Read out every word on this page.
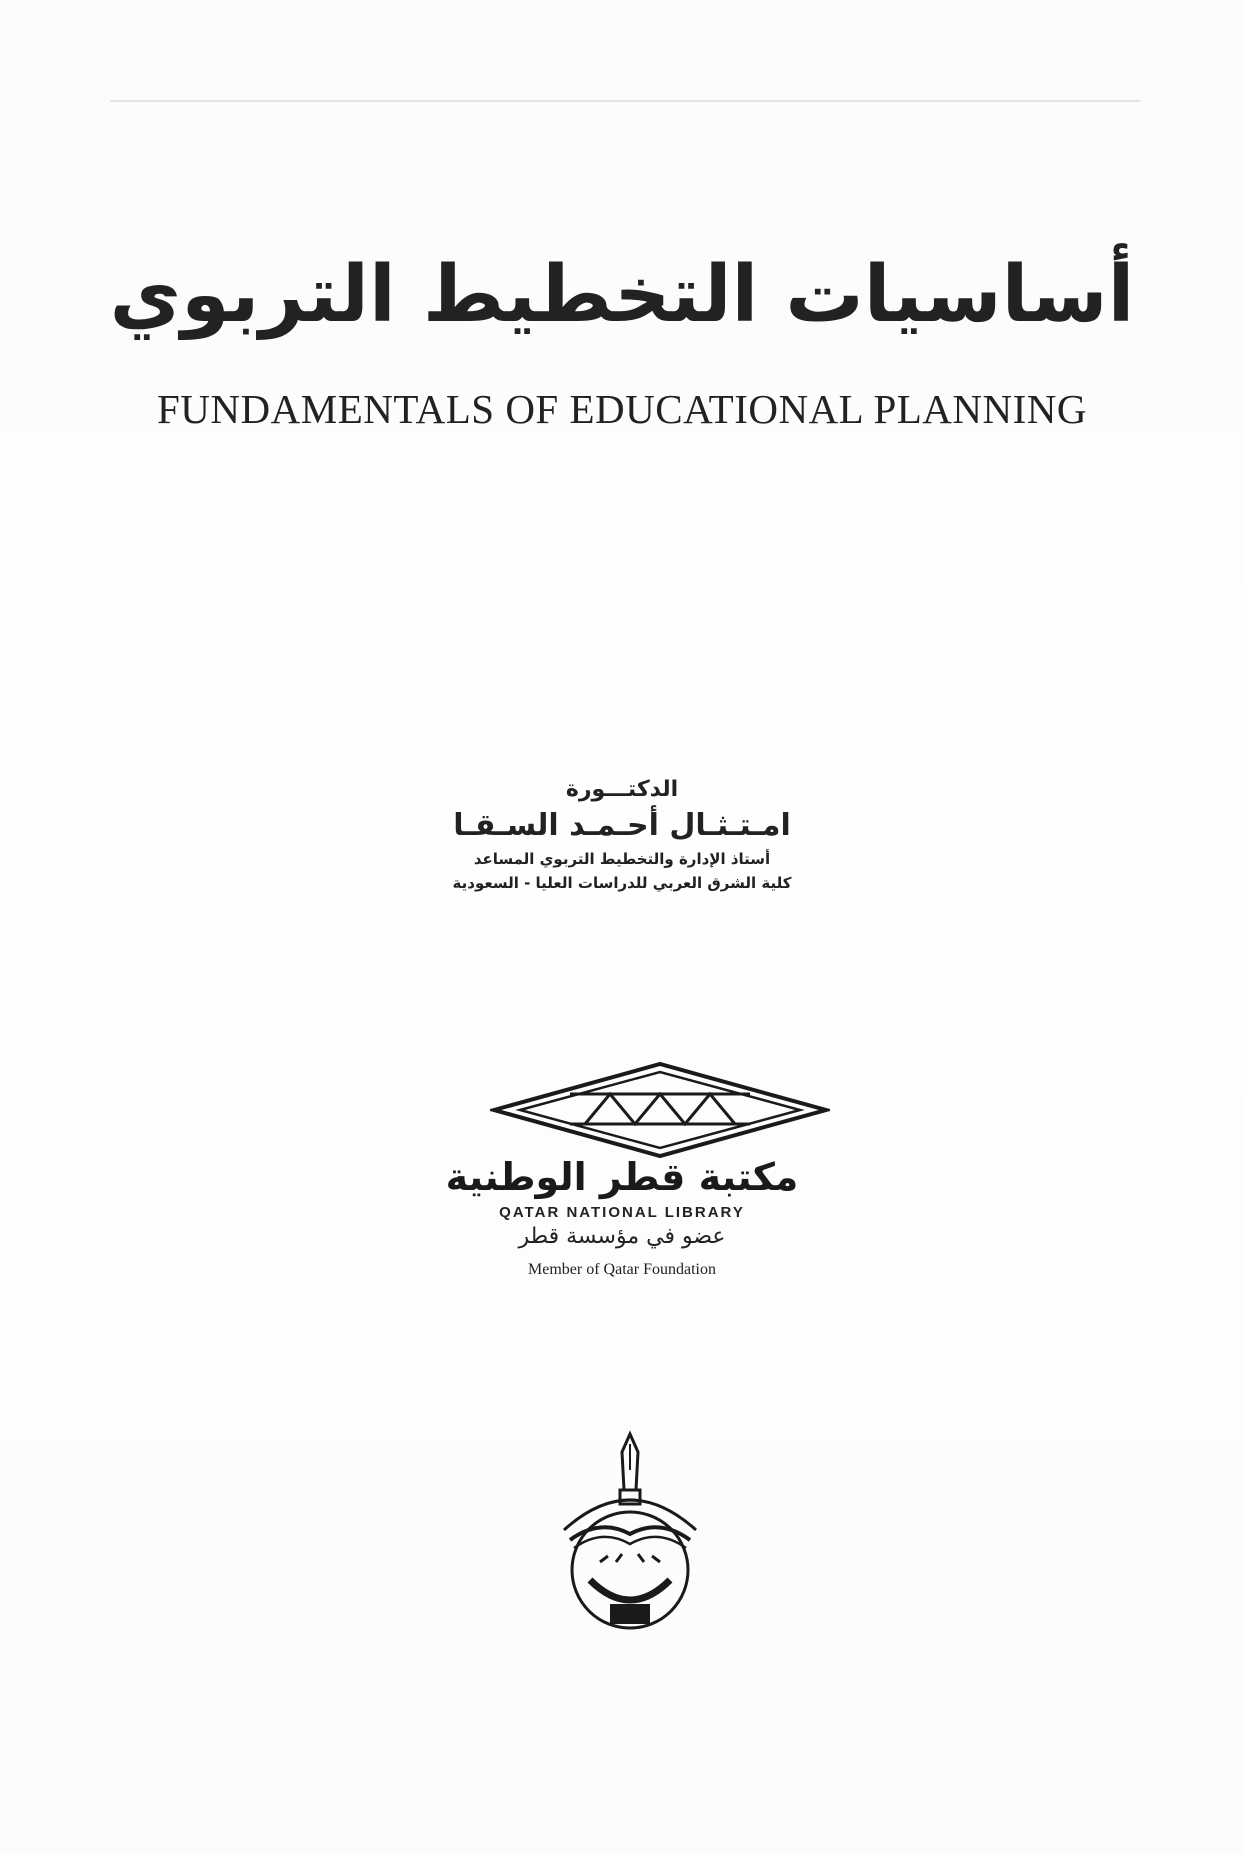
أساسيات التخطيط التربوي
FUNDAMENTALS OF EDUCATIONAL PLANNING
الدكتـــورة
امـتـثـال أحـمـد السـقـا
أستاذ الإدارة والتخطيط التربوي المساعد
كلية الشرق العربي للدراسات العليا - السعودية
مكتبة قطر الوطنية
QATAR NATIONAL LIBRARY
عضو في مؤسسة قطر
Member of Qatar Foundation
